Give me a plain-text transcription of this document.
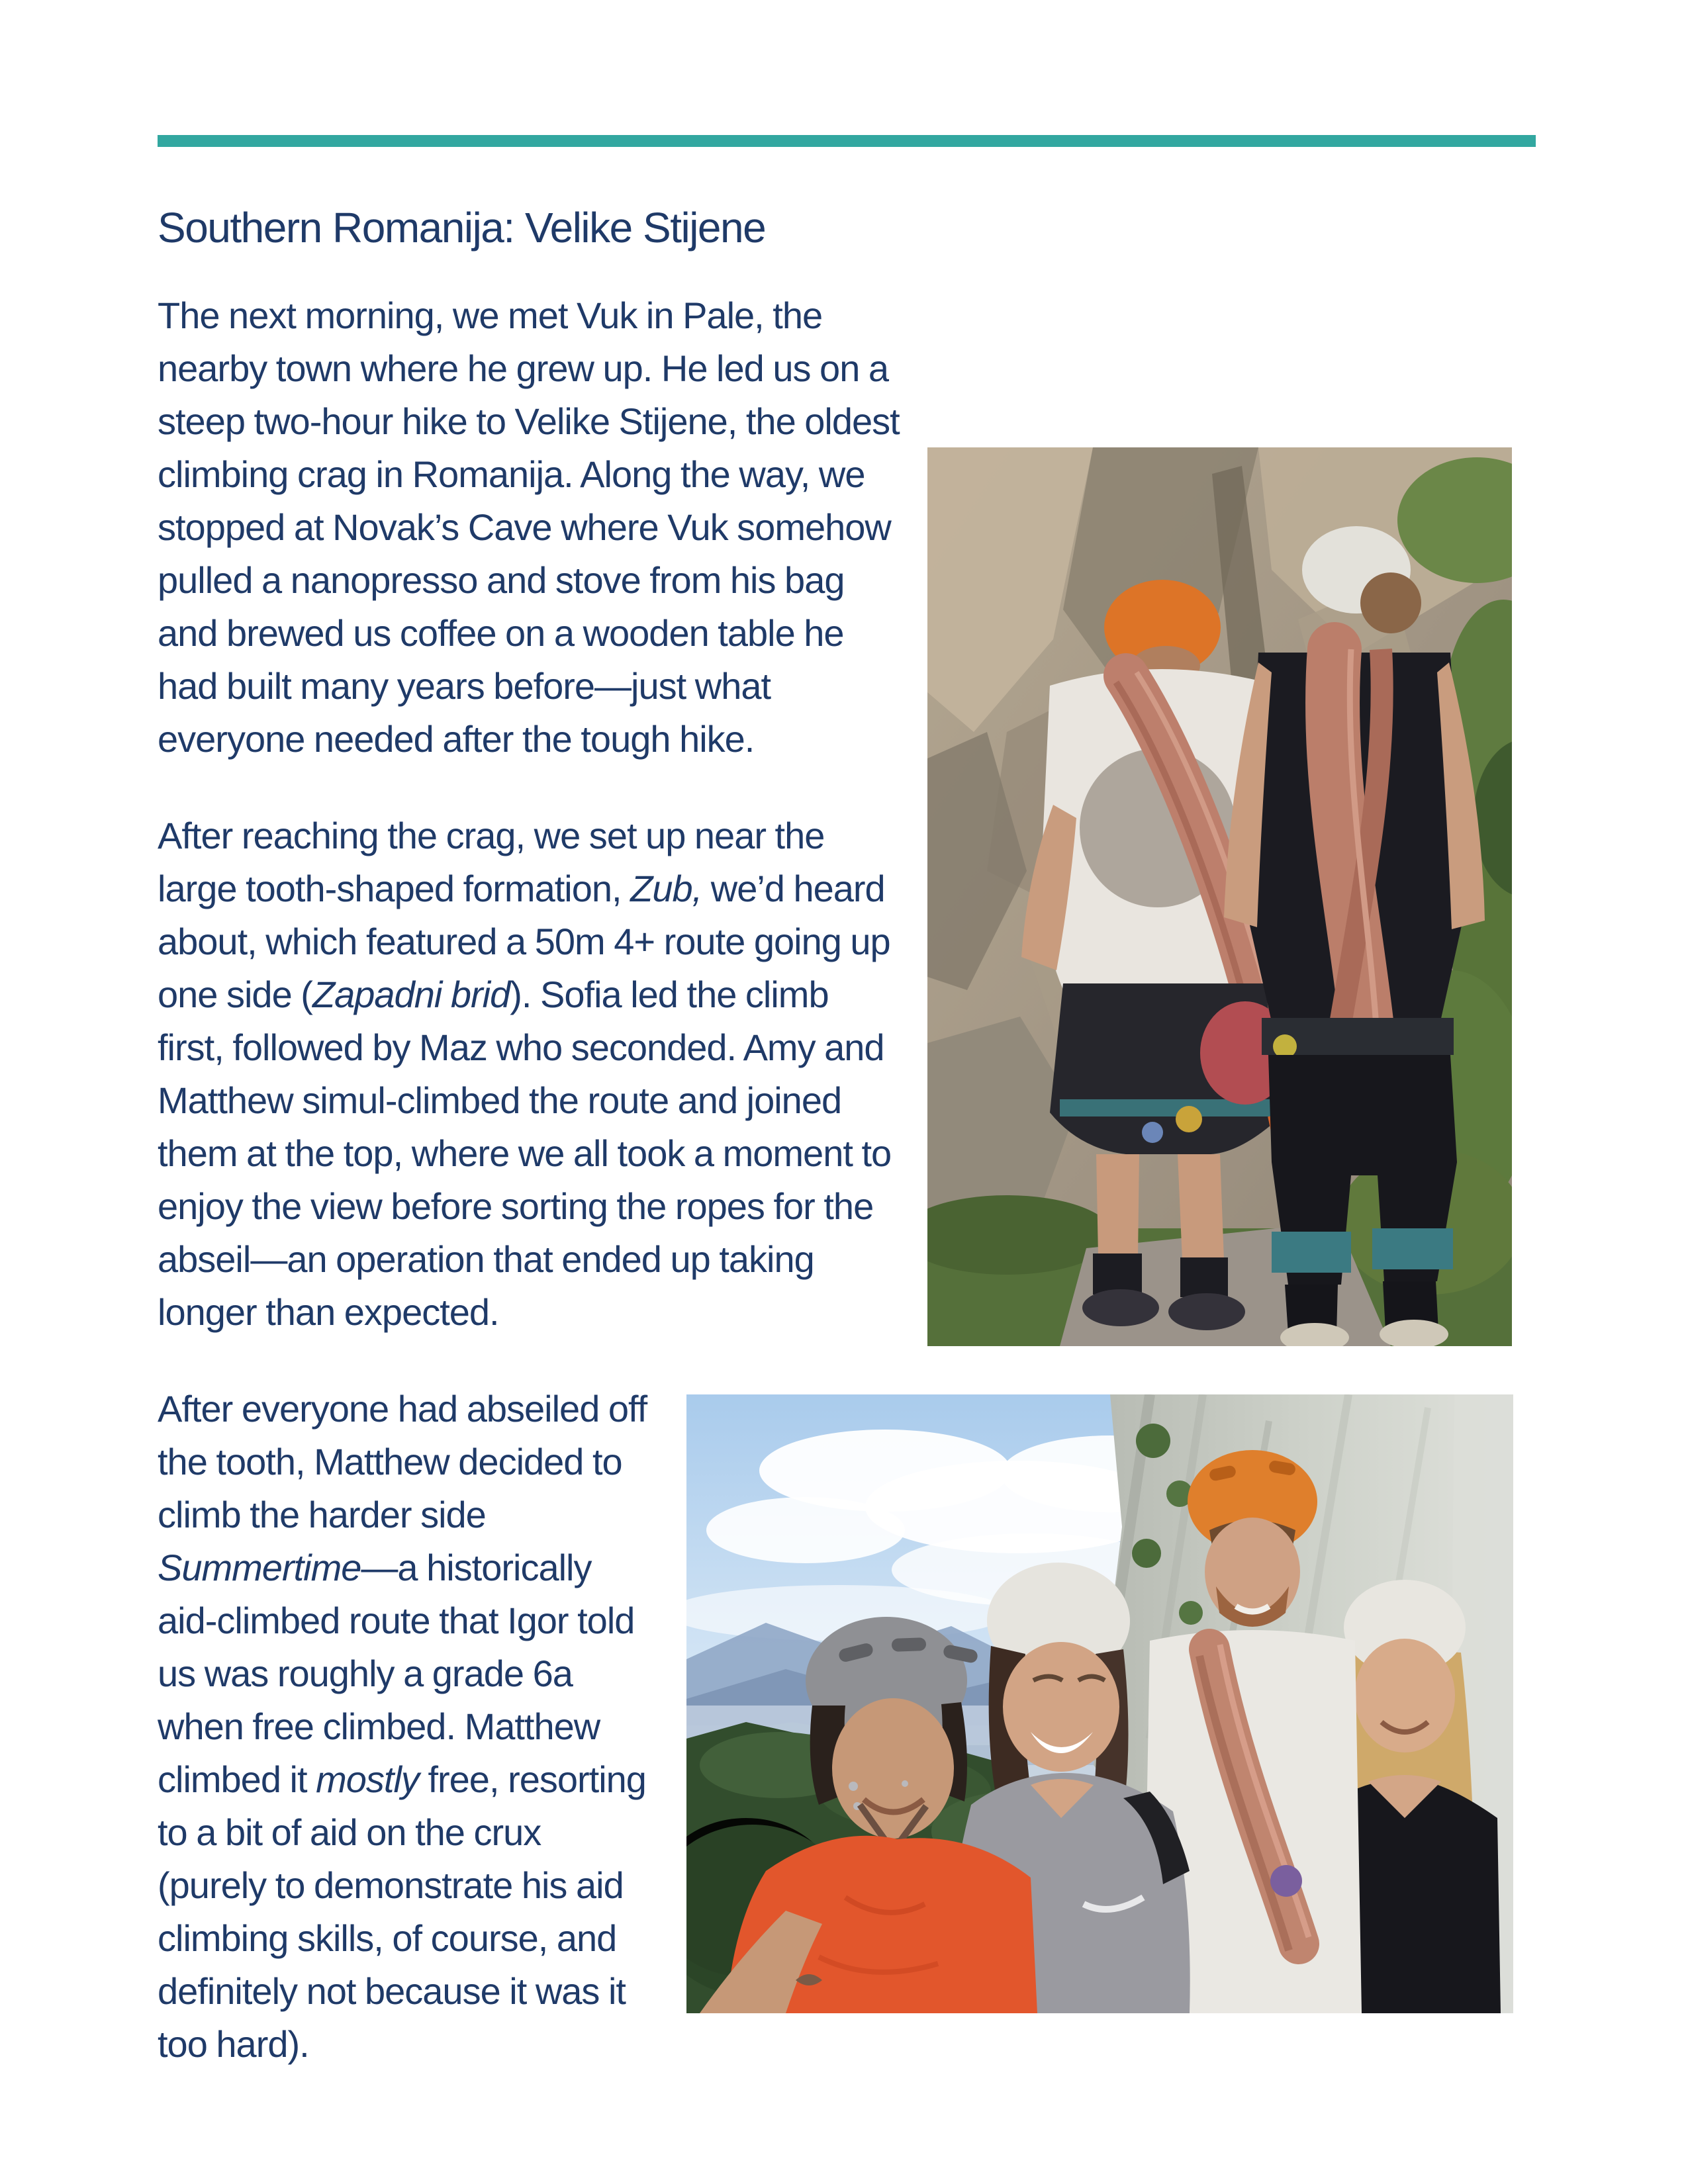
Southern Romanija: Velike Stijene
The next morning, we met Vuk in Pale, the nearby town where he grew up. He led us on a steep two-hour hike to Velike Stijene, the oldest climbing crag in Romanija. Along the way, we stopped at Novak’s Cave where Vuk somehow pulled a nanopresso and stove from his bag and brewed us coffee on a wooden table he had built many years before—just what everyone needed after the tough hike.
After reaching the crag, we set up near the large tooth-shaped formation, Zub, we’d heard about, which featured a 50m 4+ route going up one side (Zapadni brid). Sofia led the climb first, followed by Maz who seconded. Amy and Matthew simul-climbed the route and joined them at the top, where we all took a moment to enjoy the view before sorting the ropes for the abseil—an operation that ended up taking longer than expected.
After everyone had abseiled off the tooth, Matthew decided to climb the harder side Summertime—a historically aid-climbed route that Igor told us was roughly a grade 6a when free climbed. Matthew climbed it mostly free, resorting to a bit of aid on the crux (purely to demonstrate his aid climbing skills, of course, and definitely not because it was it too hard).
